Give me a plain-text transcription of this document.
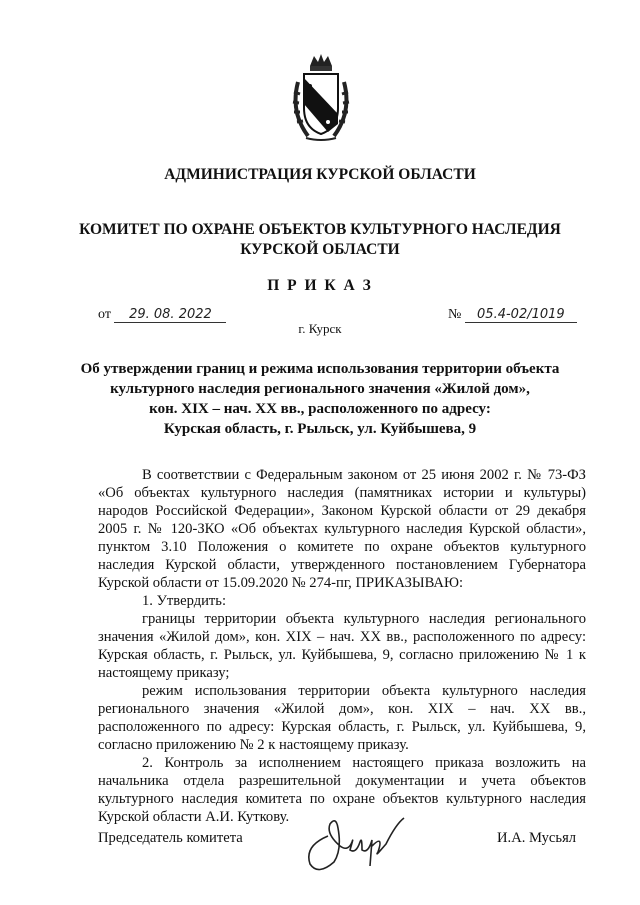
АДМИНИСТРАЦИЯ КУРСКОЙ ОБЛАСТИ
КОМИТЕТ ПО ОХРАНЕ ОБЪЕКТОВ КУЛЬТУРНОГО НАСЛЕДИЯ
КУРСКОЙ ОБЛАСТИ
П Р И К А З
от 29. 08. 2022	№ 05.4-02/1019
г. Курск
Об утверждении границ и режима использования территории объекта
культурного наследия регионального значения «Жилой дом»,
кон. XIX – нач. XX вв., расположенного по адресу:
Курская область, г. Рыльск, ул. Куйбышева, 9

В соответствии с Федеральным законом от 25 июня 2002 г. № 73-ФЗ «Об объектах культурного наследия (памятниках истории и культуры) народов Российской Федерации», Законом Курской области от 29 декабря 2005 г. № 120-ЗКО «Об объектах культурного наследия Курской области», пунктом 3.10 Положения о комитете по охране объектов культурного наследия Курской области, утвержденного постановлением Губернатора Курской области от 15.09.2020 № 274-пг, ПРИКАЗЫВАЮ:

1. Утвердить:

границы территории объекта культурного наследия регионального значения «Жилой дом», кон. XIX – нач. XX вв., расположенного по адресу: Курская область, г. Рыльск, ул. Куйбышева, 9, согласно приложению № 1 к настоящему приказу;

режим использования территории объекта культурного наследия регионального значения «Жилой дом», кон. XIX – нач. XX вв., расположенного по адресу: Курская область, г. Рыльск, ул. Куйбышева, 9, согласно приложению № 2 к настоящему приказу.

2. Контроль за исполнением настоящего приказа возложить на начальника отдела разрешительной документации и учета объектов культурного наследия комитета по охране объектов культурного наследия Курской области А.И. Куткову.

Председатель комитета	И.А. Мусьял
